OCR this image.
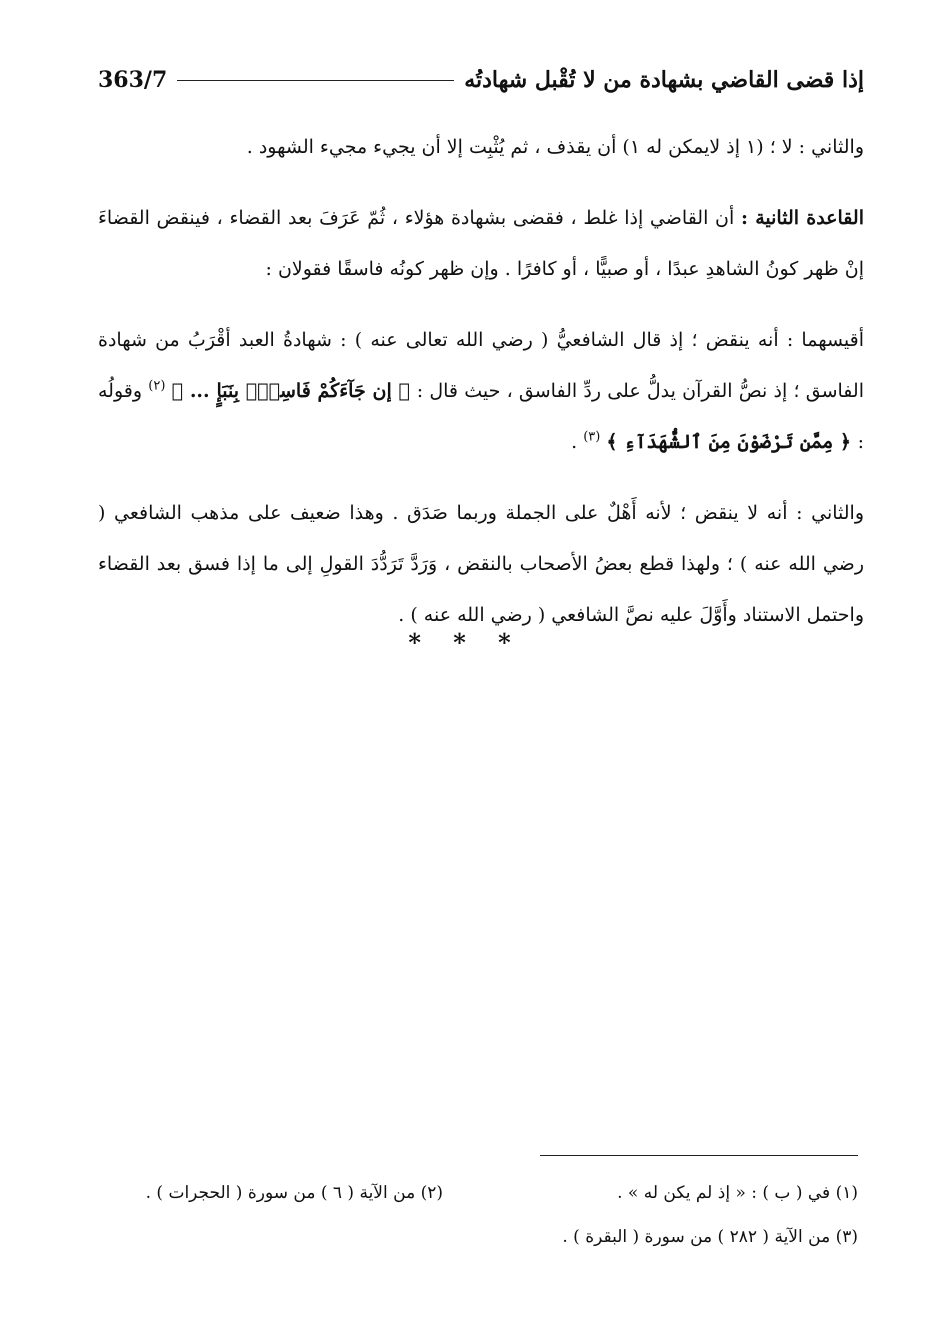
363/7	إذا قضى القاضي بشهادة من لا تُقْبل شهادتُه

والثاني : لا ؛ (١ إذ لايمكن له ١) أن يقذف ، ثم يُثْبِت إلا أن يجيء مجيء الشهود .

القاعدة الثانية : أن القاضي إذا غلط ، فقضى بشهادة هؤلاء ، ثُمّ عَرَفَ بعد القضاء ، فينقض القضاءَ إنْ ظهر كونُ الشاهدِ عبدًا ، أو صبيًّا ، أو كافرًا . وإن ظهر كونُه فاسقًا فقولان :

أقيسهما : أنه ينقض ؛ إذ قال الشافعيُّ ( رضي الله تعالى عنه ) : شهادةُ العبد أقْرَبُ من شهادة الفاسق ؛ إذ نصُّ القرآن يدلُّ على ردِّ الفاسق ، حيث قال : ﴿ إن جَآءَكُمْ فَاسِقٌۢ بِنَبَإٍ ... ﴾ $^{(٢)}$ وقولُه : ﴿ مِمَّن تَرْضَوْنَ مِنَ ٱلشُّهَدَآءِ ﴾ $^{(٣)}$ .

والثاني : أنه لا ينقض ؛ لأنه أَهْلٌ على الجملة وربما صَدَق . وهذا ضعيف على مذهب الشافعي ( رضي الله عنه ) ؛ ولهذا قطع بعضُ الأصحاب بالنقض ، وَرَدَّ تَرَدُّدَ القولِ إلى ما إذا فسق بعد القضاء واحتمل الاستناد وأَوَّلَ عليه نصَّ الشافعي ( رضي الله عنه ) .

* * *
(١) في ( ب ) : « إذ لم يكن له » .
(٢) من الآية ( ٦ ) من سورة ( الحجرات ) .
(٣) من الآية ( ٢٨٢ ) من سورة ( البقرة ) .
